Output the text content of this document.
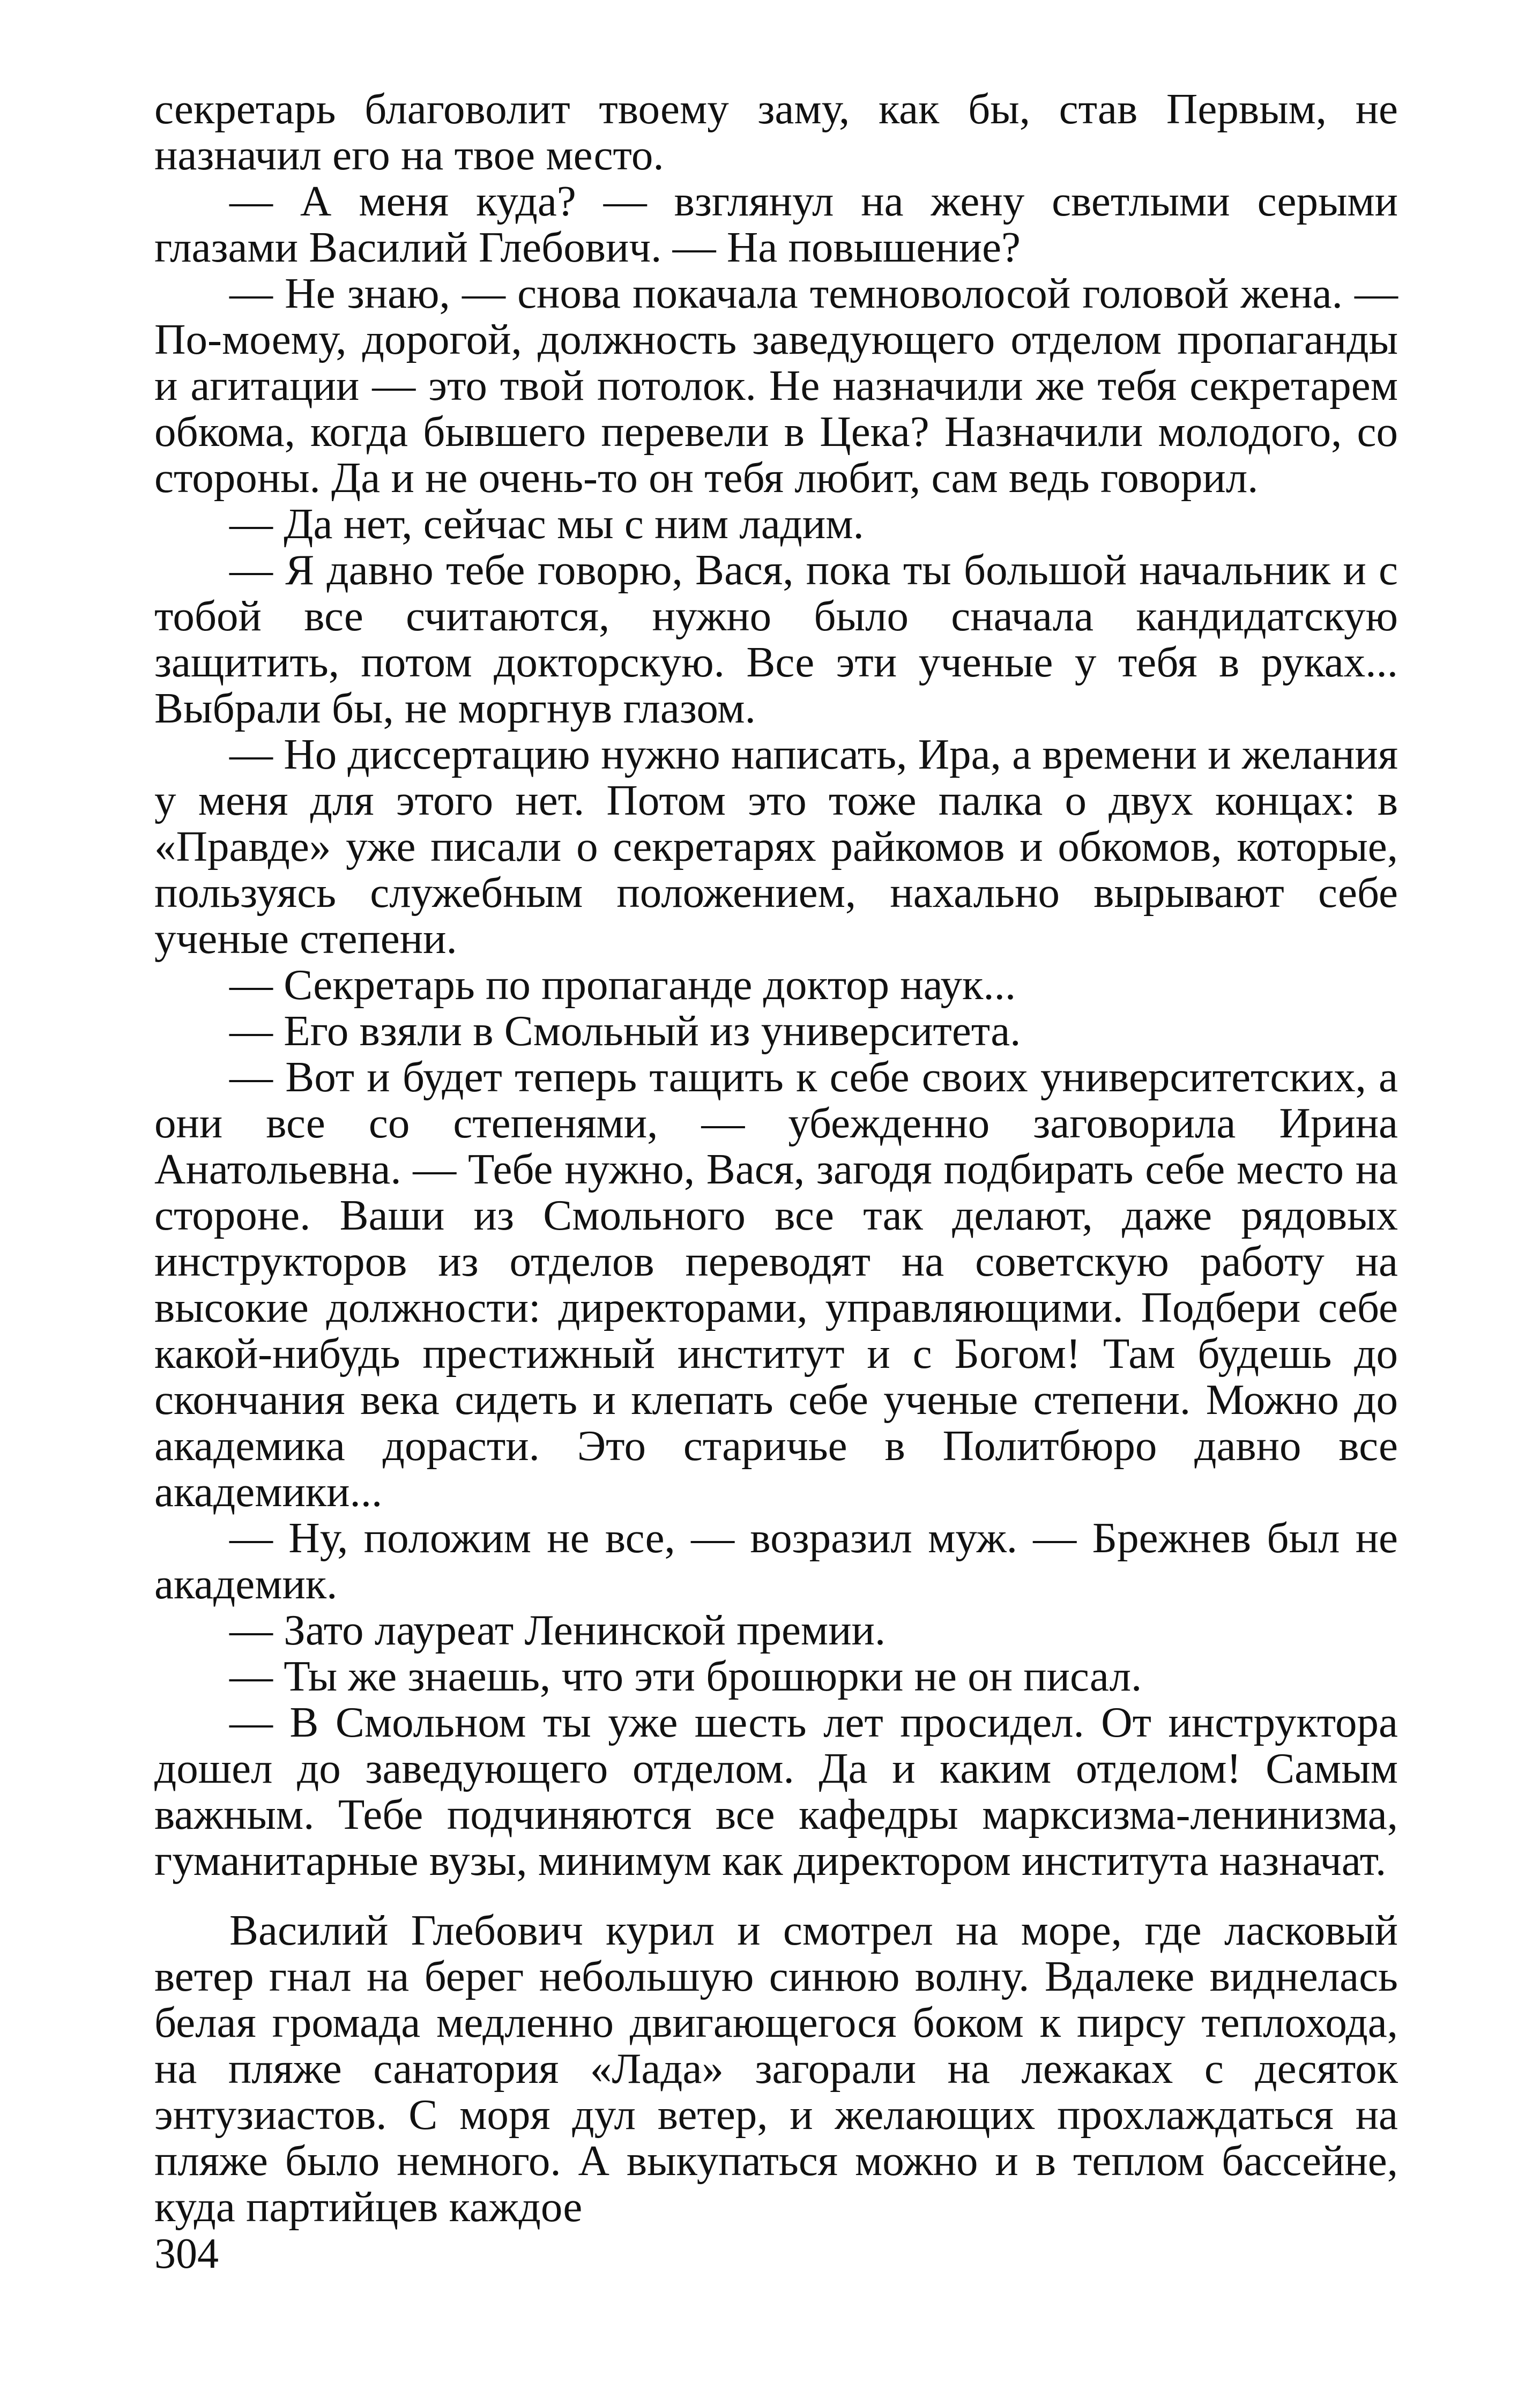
секретарь благоволит твоему заму, как бы, став Первым, не назначил его на твое место.

— А меня куда? — взглянул на жену светлыми серыми глазами Василий Глебович. — На повышение?

— Не знаю, — снова покачала темноволосой головой жена. — По-моему, дорогой, должность заведующего отделом пропаганды и агитации — это твой потолок. Не назначили же тебя секретарем обкома, когда бывшего перевели в Цека? Назначили молодого, со стороны. Да и не очень-то он тебя любит, сам ведь говорил.

— Да нет, сейчас мы с ним ладим.

— Я давно тебе говорю, Вася, пока ты большой начальник и с тобой все считаются, нужно было сначала кандидатскую защитить, потом докторскую. Все эти ученые у тебя в руках... Выбрали бы, не моргнув глазом.

— Но диссертацию нужно написать, Ира, а времени и желания у меня для этого нет. Потом это тоже палка о двух концах: в «Правде» уже писали о секретарях райкомов и обкомов, которые, пользуясь служебным положением, нахально вырывают себе ученые степени.

— Секретарь по пропаганде доктор наук...

— Его взяли в Смольный из университета.

— Вот и будет теперь тащить к себе своих университетских, а они все со степенями, — убежденно заговорила Ирина Анатольевна. — Тебе нужно, Вася, загодя подбирать себе место на стороне. Ваши из Смольного все так делают, даже рядовых инструкторов из отделов переводят на советскую работу на высокие должности: директорами, управляющими. Подбери себе какой-нибудь престижный институт и с Богом! Там будешь до скончания века сидеть и клепать себе ученые степени. Можно до академика дорасти. Это старичье в Политбюро давно все академики...

— Ну, положим не все, — возразил муж. — Брежнев был не академик.

— Зато лауреат Ленинской премии.

— Ты же знаешь, что эти брошюрки не он писал.

— В Смольном ты уже шесть лет просидел. От инструктора дошел до заведующего отделом. Да и каким отделом! Самым важным. Тебе подчиняются все кафедры марксизма-ленинизма, гуманитарные вузы, минимум как директором института назначат.

Василий Глебович курил и смотрел на море, где ласковый ветер гнал на берег небольшую синюю волну. Вдалеке виднелась белая громада медленно двигающегося боком к пирсу теплохода, на пляже санатория «Лада» загорали на лежаках с десяток энтузиастов. С моря дул ветер, и желающих прохлаждаться на пляже было немного. А выкупаться можно и в теплом бассейне, куда партийцев каждое

304
